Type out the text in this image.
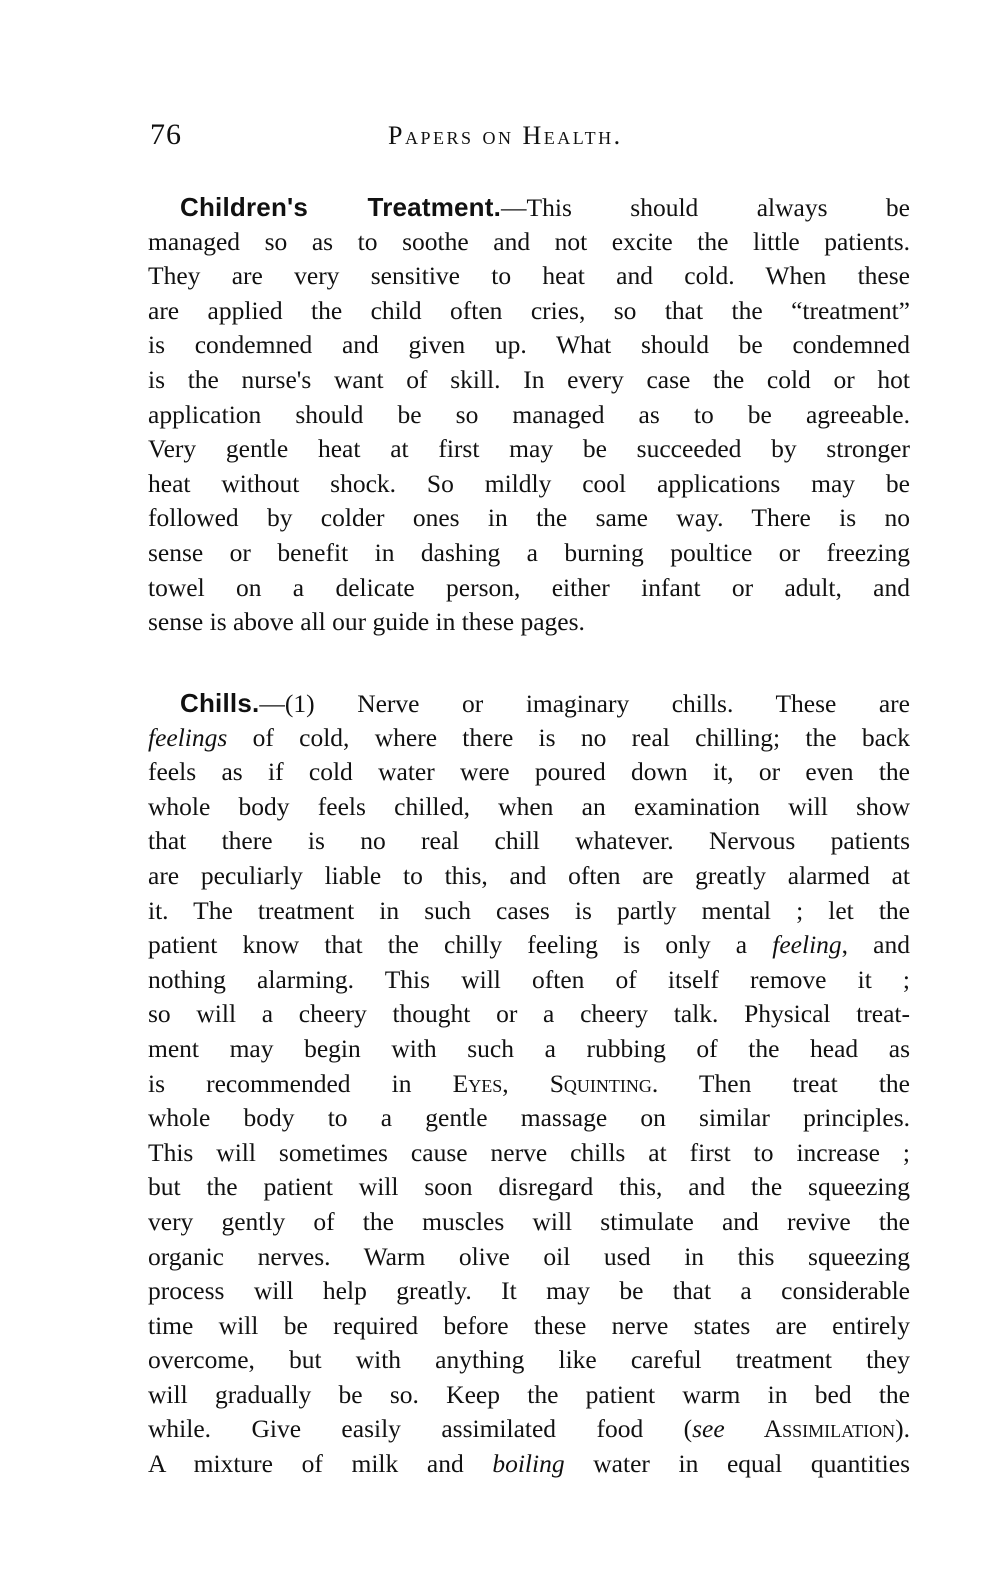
76	Papers on Health.
Children's Treatment.—This should always be
managed so as to soothe and not excite the little patients.
They are very sensitive to heat and cold. When these
are applied the child often cries, so that the “treatment”
is condemned and given up. What should be condemned
is the nurse's want of skill. In every case the cold or hot
application should be so managed as to be agreeable.
Very gentle heat at first may be succeeded by stronger
heat without shock. So mildly cool applications may be
followed by colder ones in the same way. There is no
sense or benefit in dashing a burning poultice or freezing
towel on a delicate person, either infant or adult, and
sense is above all our guide in these pages.
Chills.—(1) Nerve or imaginary chills. These are
feelings of cold, where there is no real chilling; the back
feels as if cold water were poured down it, or even the
whole body feels chilled, when an examination will show
that there is no real chill whatever. Nervous patients
are peculiarly liable to this, and often are greatly alarmed at
it. The treatment in such cases is partly mental ; let the
patient know that the chilly feeling is only a feeling, and
nothing alarming. This will often of itself remove it ;
so will a cheery thought or a cheery talk. Physical treat-
ment may begin with such a rubbing of the head as
is recommended in Eyes, Squinting. Then treat the
whole body to a gentle massage on similar principles.
This will sometimes cause nerve chills at first to increase ;
but the patient will soon disregard this, and the squeezing
very gently of the muscles will stimulate and revive the
organic nerves. Warm olive oil used in this squeezing
process will help greatly. It may be that a considerable
time will be required before these nerve states are entirely
overcome, but with anything like careful treatment they
will gradually be so. Keep the patient warm in bed the
while. Give easily assimilated food (see Assimilation).
A mixture of milk and boiling water in equal quantities
